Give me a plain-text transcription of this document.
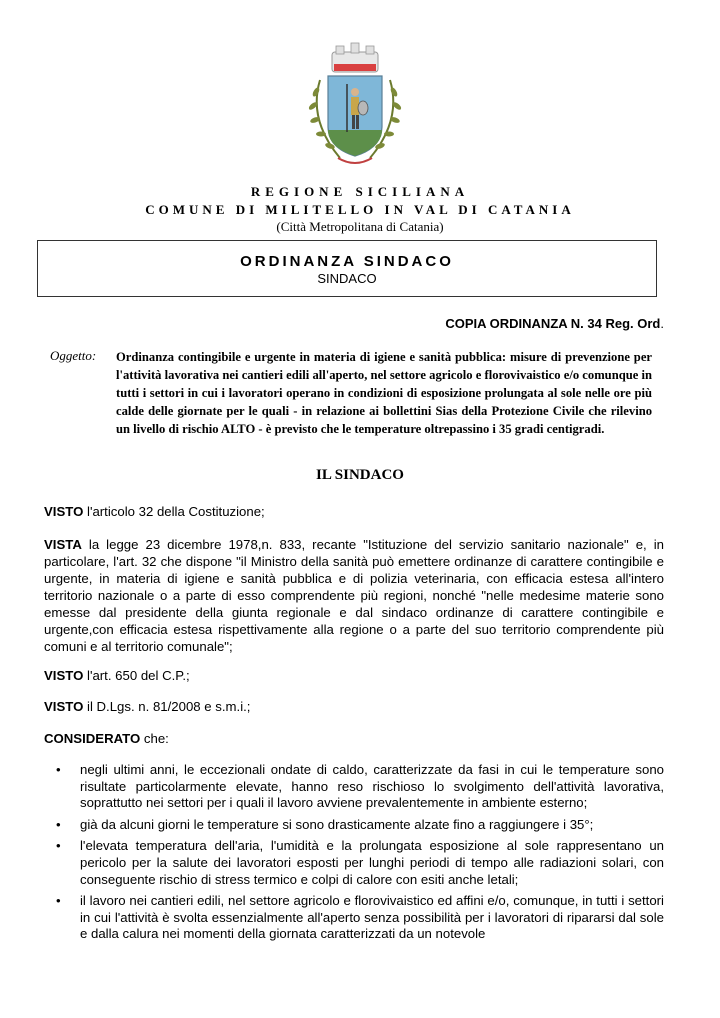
REGIONE SICILIANA
COMUNE DI MILITELLO IN VAL DI CATANIA
(Città Metropolitana di Catania)
ORDINANZA SINDACO
SINDACO
COPIA ORDINANZA N. 34 Reg. Ord.
Oggetto: Ordinanza contingibile e urgente in materia di igiene e sanità pubblica: misure di prevenzione per l'attività lavorativa nei cantieri edili all'aperto, nel settore agricolo e florovivaistico e/o comunque in tutti i settori in cui i lavoratori operano in condizioni di esposizione prolungata al sole nelle ore più calde delle giornate per le quali - in relazione ai bollettini Sias della Protezione Civile che rilevino un livello di rischio ALTO - è previsto che le temperature oltrepassino i 35 gradi centigradi.
IL SINDACO
VISTO l'articolo 32 della Costituzione;
VISTA la legge 23 dicembre 1978,n. 833, recante "Istituzione del servizio sanitario nazionale" e, in particolare, l'art. 32 che dispone "il Ministro della sanità può emettere ordinanze di carattere contingibile e urgente, in materia di igiene e sanità pubblica e di polizia veterinaria, con efficacia estesa all'intero territorio nazionale o a parte di esso comprendente più regioni, nonché "nelle medesime materie sono emesse dal presidente della giunta regionale e dal sindaco ordinanze di carattere contingibile e urgente,con efficacia estesa rispettivamente alla regione o a parte del suo territorio comprendente più comuni e al territorio comunale";
VISTO l'art. 650 del C.P.;
VISTO il D.Lgs. n. 81/2008 e s.m.i.;
CONSIDERATO che:
• negli ultimi anni, le eccezionali ondate di caldo, caratterizzate da fasi in cui le temperature sono risultate particolarmente elevate, hanno reso rischioso lo svolgimento dell'attività lavorativa, soprattutto nei settori per i quali il lavoro avviene prevalentemente in ambiente esterno;
• già da alcuni giorni le temperature si sono drasticamente alzate fino a raggiungere i 35°;
• l'elevata temperatura dell'aria, l'umidità e la prolungata esposizione al sole rappresentano un pericolo per la salute dei lavoratori esposti per lunghi periodi di tempo alle radiazioni solari, con conseguente rischio di stress termico e colpi di calore con esiti anche letali;
• il lavoro nei cantieri edili, nel settore agricolo e florovivaistico ed affini e/o, comunque, in tutti i settori in cui l'attività è svolta essenzialmente all'aperto senza possibilità per i lavoratori di ripararsi dal sole e dalla calura nei momenti della giornata caratterizzati da un notevole
